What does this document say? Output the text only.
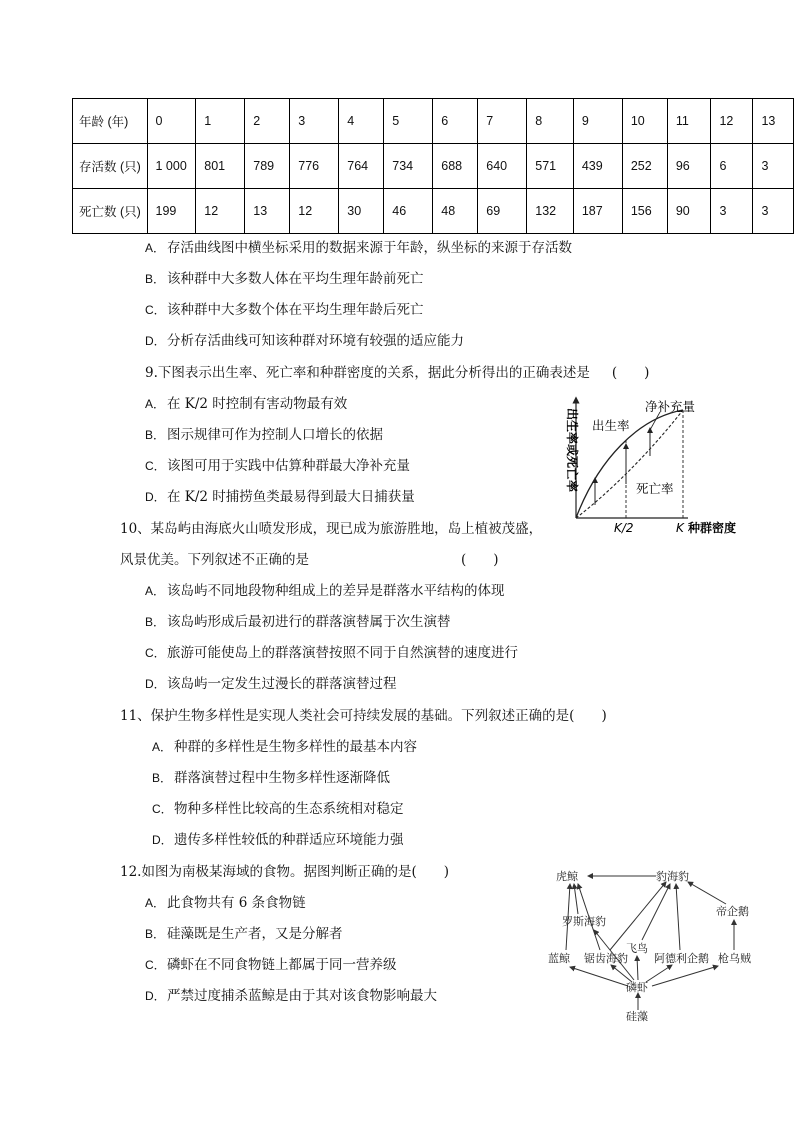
年龄 (年)	0	1	2	3	4	5	6	7	8	9	10	11	12	13
存活数 (只)	1 000	801	789	776	764	734	688	640	571	439	252	96	6	3
死亡数 (只)	199	12	13	12	30	46	48	69	132	187	156	90	3	3
A． 存活曲线图中横坐标采用的数据来源于年龄，纵坐标的来源于存活数
B． 该种群中大多数人体在平均生理年龄前死亡
C．该种群中大多数个体在平均生理年龄后死亡
D．分析存活曲线可知该种群对环境有较强的适应能力
9.下图表示出生率、死亡率和种群密度的关系，据此分析得出的正确表述是 (　　)
A． 在 K/2 时控制有害动物最有效
B． 图示规律可作为控制人口增长的依据
C．该图可用于实践中估算种群最大净补充量
D．在 K/2 时捕捞鱼类最易得到最大日捕获量
出生率或死亡率
净补充量
出生率
死亡率
K/2	K 种群密度
10、某岛屿由海底火山喷发形成，现已成为旅游胜地，岛上植被茂盛，
风景优美。下列叙述不正确的是	(　　)
A． 该岛屿不同地段物种组成上的差异是群落水平结构的体现
B． 该岛屿形成后最初进行的群落演替属于次生演替
C．旅游可能使岛上的群落演替按照不同于自然演替的速度进行
D．该岛屿一定发生过漫长的群落演替过程
11、保护生物多样性是实现人类社会可持续发展的基础。下列叙述正确的是(　　)
A． 种群的多样性是生物多样性的最基本内容
B． 群落演替过程中生物多样性逐渐降低
C．物种多样性比较高的生态系统相对稳定
D．遗传多样性较低的种群适应环境能力强
12.如图为南极某海域的食物。据图判断正确的是(　　)
A． 此食物共有 6 条食物链
B． 硅藻既是生产者，又是分解者
C．磷虾在不同食物链上都属于同一营养级
D．严禁过度捕杀蓝鲸是由于其对该食物影响最大
虎鲸	豹海豹
罗斯海豹
帝企鹅
蓝鲸
飞鸟
锯齿海豹 阿德利企鹅 枪乌贼
磷虾
硅藻
